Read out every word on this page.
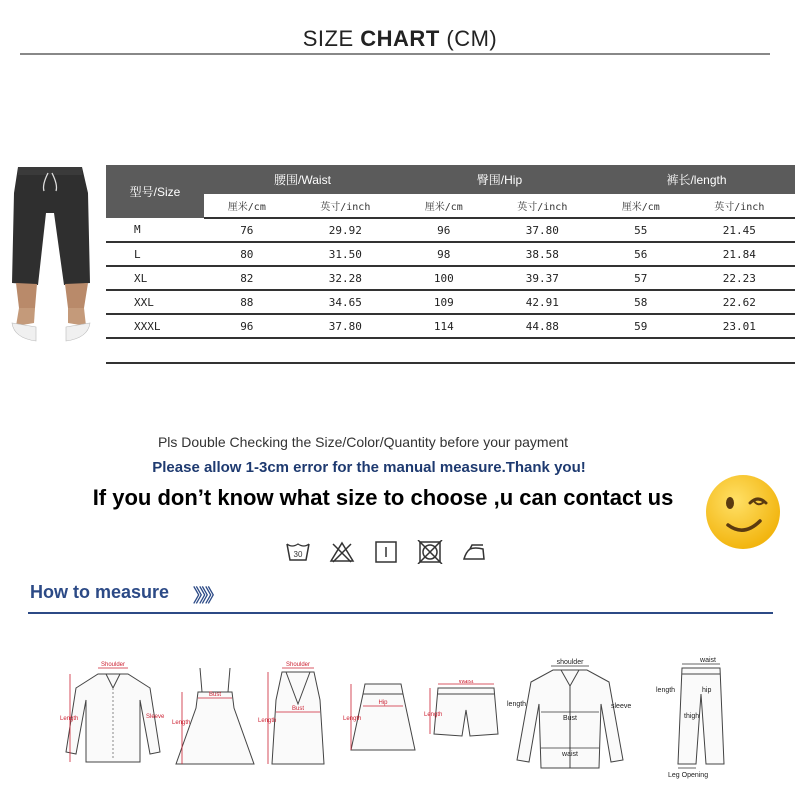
SIZE CHART (CM)
型号/Size	腰围/Waist		臀围/Hip		裤长/length	
	厘米/cm	英寸/inch	厘米/cm	英寸/inch	厘米/cm	英寸/inch
M	76	29.92	96	37.80	55	21.45
L	80	31.50	98	38.58	56	21.84
XL	82	32.28	100	39.37	57	22.23
XXL	88	34.65	109	42.91	58	22.62
XXXL	96	37.80	114	44.88	59	23.01

Pls Double Checking the Size/Color/Quantity before your payment
Please allow 1-3cm error for the manual measure.Thank you!
If you don’t know what size to choose ,u can contact us
30
How to measure 》》》
Shoulder
Length	Sleeve
Bust
Length
Shoulder
Bust
Length
Hip
Length
Waist
Length
shoulder
Bust
waist
length	sleeve
waist
length	hip
thigh
Leg Opening
